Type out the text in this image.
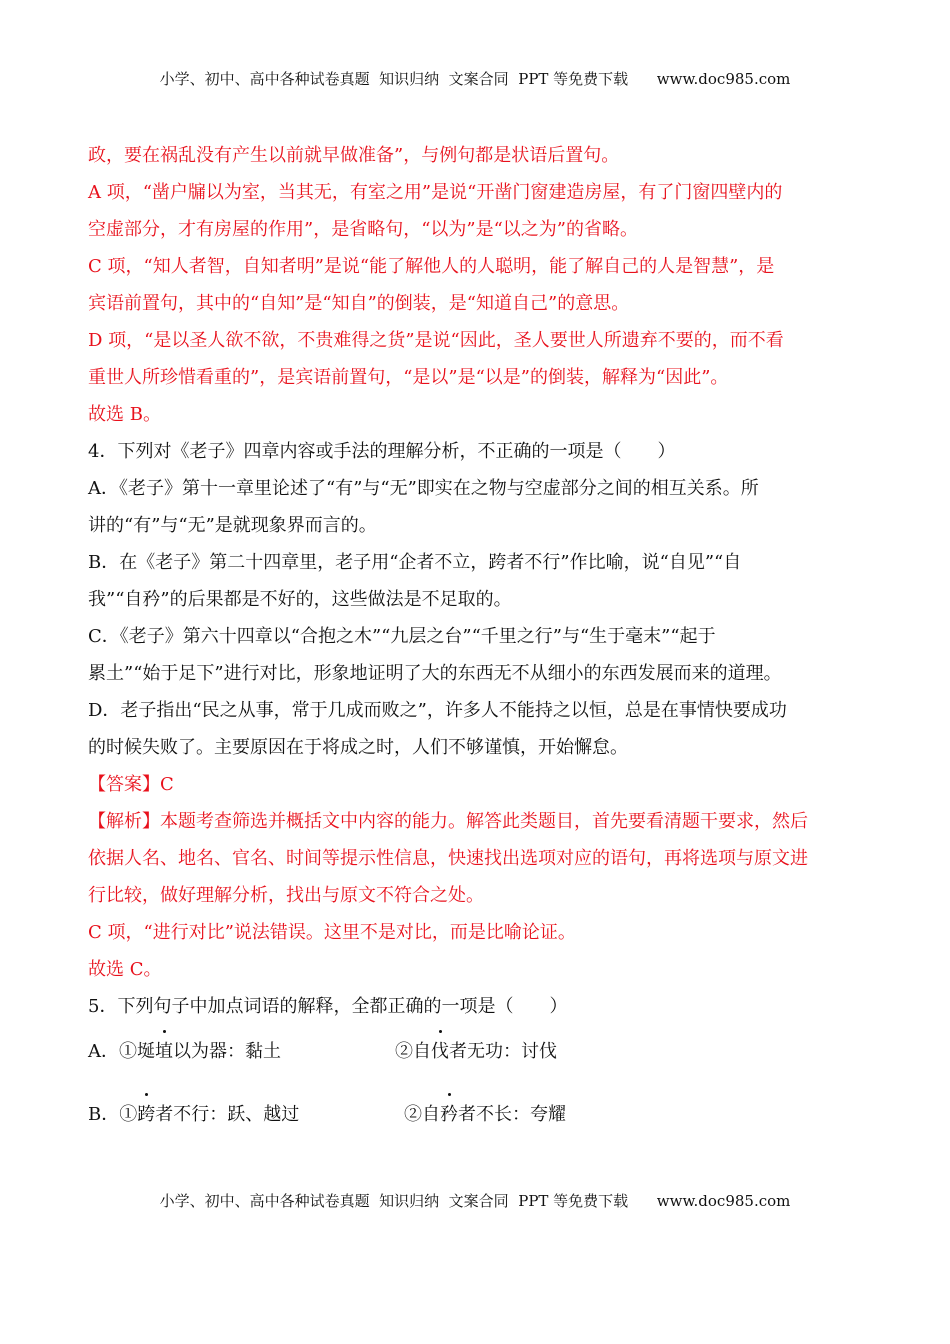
小学、初中、高中各种试卷真题  知识归纳  文案合同  PPT 等免费下载      www.doc985.com
政，要在祸乱没有产生以前就早做准备”，与例句都是状语后置句。
A 项，“凿户牖以为室，当其无，有室之用”是说“开凿门窗建造房屋，有了门窗四壁内的
空虚部分，才有房屋的作用”，是省略句，“以为”是“以之为”的省略。
C 项，“知人者智，自知者明”是说“能了解他人的人聪明，能了解自己的人是智慧”，是
宾语前置句，其中的“自知”是“知自”的倒装，是“知道自己”的意思。
D 项，“是以圣人欲不欲，不贵难得之货”是说“因此，圣人要世人所遗弃不要的，而不看
重世人所珍惜看重的”，是宾语前置句，“是以”是“以是”的倒装，解释为“因此”。
故选 B。
4．下列对《老子》四章内容或手法的理解分析，不正确的一项是（　　）
A．《老子》第十一章里论述了“有”与“无”即实在之物与空虚部分之间的相互关系。所
讲的“有”与“无”是就现象界而言的。
B．在《老子》第二十四章里，老子用“企者不立，跨者不行”作比喻，说“自见”“自
我”“自矜”的后果都是不好的，这些做法是不足取的。
C．《老子》第六十四章以“合抱之木”“九层之台”“千里之行”与“生于毫末”“起于
累土”“始于足下”进行对比，形象地证明了大的东西无不从细小的东西发展而来的道理。
D．老子指出“民之从事，常于几成而败之”，许多人不能持之以恒，总是在事情快要成功
的时候失败了。主要原因在于将成之时，人们不够谨慎，开始懈怠。
【答案】C
【解析】本题考查筛选并概括文中内容的能力。解答此类题目，首先要看清题干要求，然后
依据人名、地名、官名、时间等提示性信息，快速找出选项对应的语句，再将选项与原文进
行比较，做好理解分析，找出与原文不符合之处。
C 项，“进行对比”说法错误。这里不是对比，而是比喻论证。
故选 C。
5．下列句子中加点词语的解释，全都正确的一项是（　　）
A．①埏埴以为器：黏土	②自伐者无功：讨伐
B．①跨者不行：跃、越过	②自矜者不长：夸耀
小学、初中、高中各种试卷真题  知识归纳  文案合同  PPT 等免费下载      www.doc985.com
